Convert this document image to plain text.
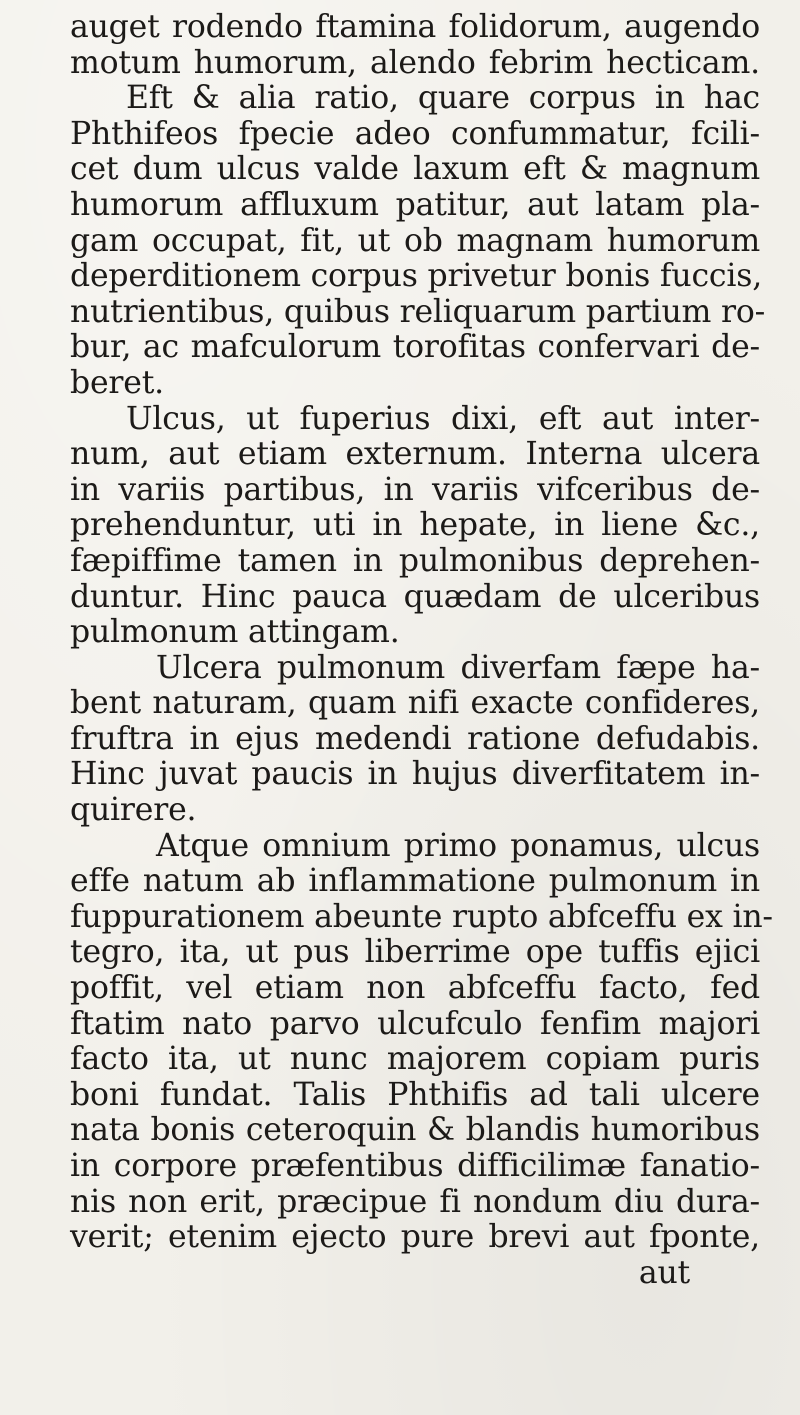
auget rodendo ftamina folidorum, augendo
motum humorum, alendo febrim hecticam.
Eft & alia ratio, quare corpus in hac
Phthifeos fpecie adeo confummatur, fcili-
cet dum ulcus valde laxum eft & magnum
humorum affluxum patitur, aut latam pla-
gam occupat, fit, ut ob magnam humorum
deperditionem corpus privetur bonis fuccis,
nutrientibus, quibus reliquarum partium ro-
bur, ac mafculorum torofitas confervari de-
beret.
Ulcus, ut fuperius dixi, eft aut inter-
num, aut etiam externum. Interna ulcera
in variis partibus, in variis vifceribus de-
prehenduntur, uti in hepate, in liene &c.,
fæpiffime tamen in pulmonibus deprehen-
duntur. Hinc pauca quædam de ulceribus
pulmonum attingam.
Ulcera pulmonum diverfam fæpe ha-
bent naturam, quam nifi exacte confideres,
fruftra in ejus medendi ratione defudabis.
Hinc juvat paucis in hujus diverfitatem in-
quirere.
Atque omnium primo ponamus, ulcus
effe natum ab inflammatione pulmonum in
fuppurationem abeunte rupto abfceffu ex in-
tegro, ita, ut pus liberrime ope tuffis ejici
poffit, vel etiam non abfceffu facto, fed
ftatim nato parvo ulcufculo fenfim majori
facto ita, ut nunc majorem copiam puris
boni fundat. Talis Phthifis ad tali ulcere
nata bonis ceteroquin & blandis humoribus
in corpore præfentibus difficilimæ fanatio-
nis non erit, præcipue fi nondum diu dura-
verit; etenim ejecto pure brevi aut fponte,
aut
